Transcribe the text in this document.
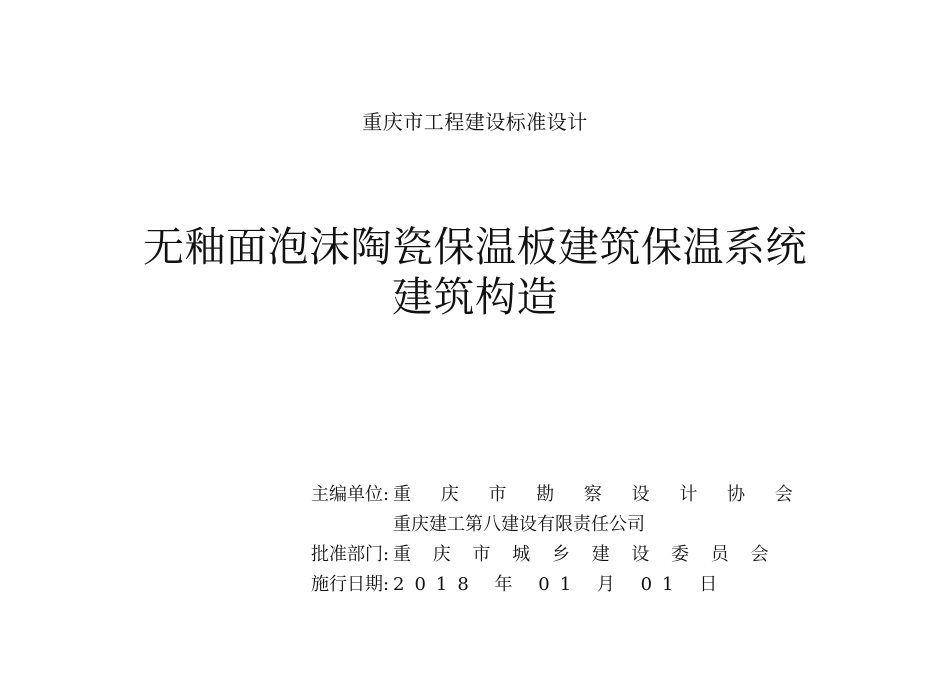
重庆市工程建设标准设计
无釉面泡沫陶瓷保温板建筑保温系统
建筑构造
主编单位: 重 庆 市 勘 察 设 计 协 会
重庆建工第八建设有限责任公司
批准部门: 重 庆 市 城 乡 建 设 委 员 会
施行日期: 2018 年 01 月 01 日
